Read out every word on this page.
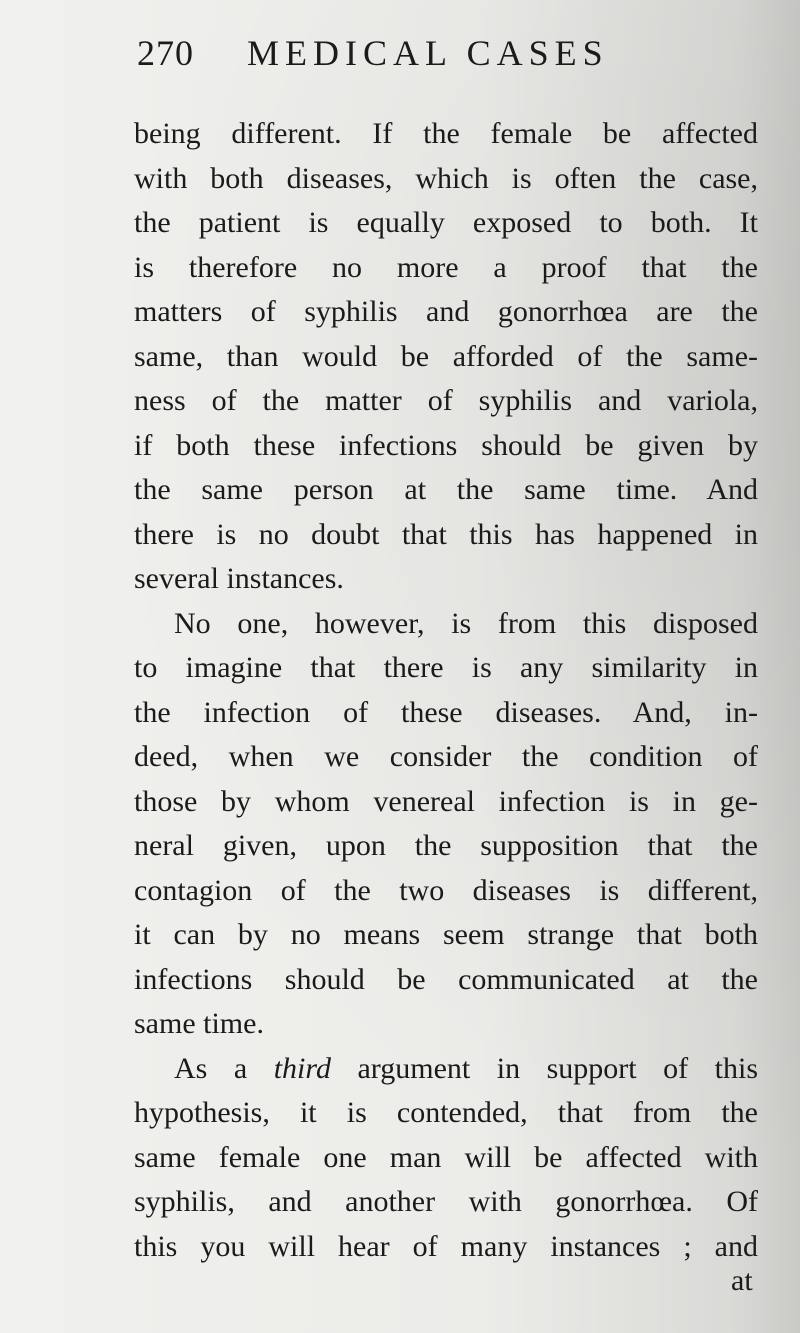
270 MEDICAL CASES
being different. If the female be affected
with both diseases, which is often the case,
the patient is equally exposed to both. It
is therefore no more a proof that the
matters of syphilis and gonorrhœa are the
same, than would be afforded of the same-
ness of the matter of syphilis and variola,
if both these infections should be given by
the same person at the same time. And
there is no doubt that this has happened in
several instances.
No one, however, is from this disposed
to imagine that there is any similarity in
the infection of these diseases. And, in-
deed, when we consider the condition of
those by whom venereal infection is in ge-
neral given, upon the supposition that the
contagion of the two diseases is different,
it can by no means seem strange that both
infections should be communicated at the
same time.
As a third argument in support of this
hypothesis, it is contended, that from the
same female one man will be affected with
syphilis, and another with gonorrhœa. Of
this you will hear of many instances ; and
at
